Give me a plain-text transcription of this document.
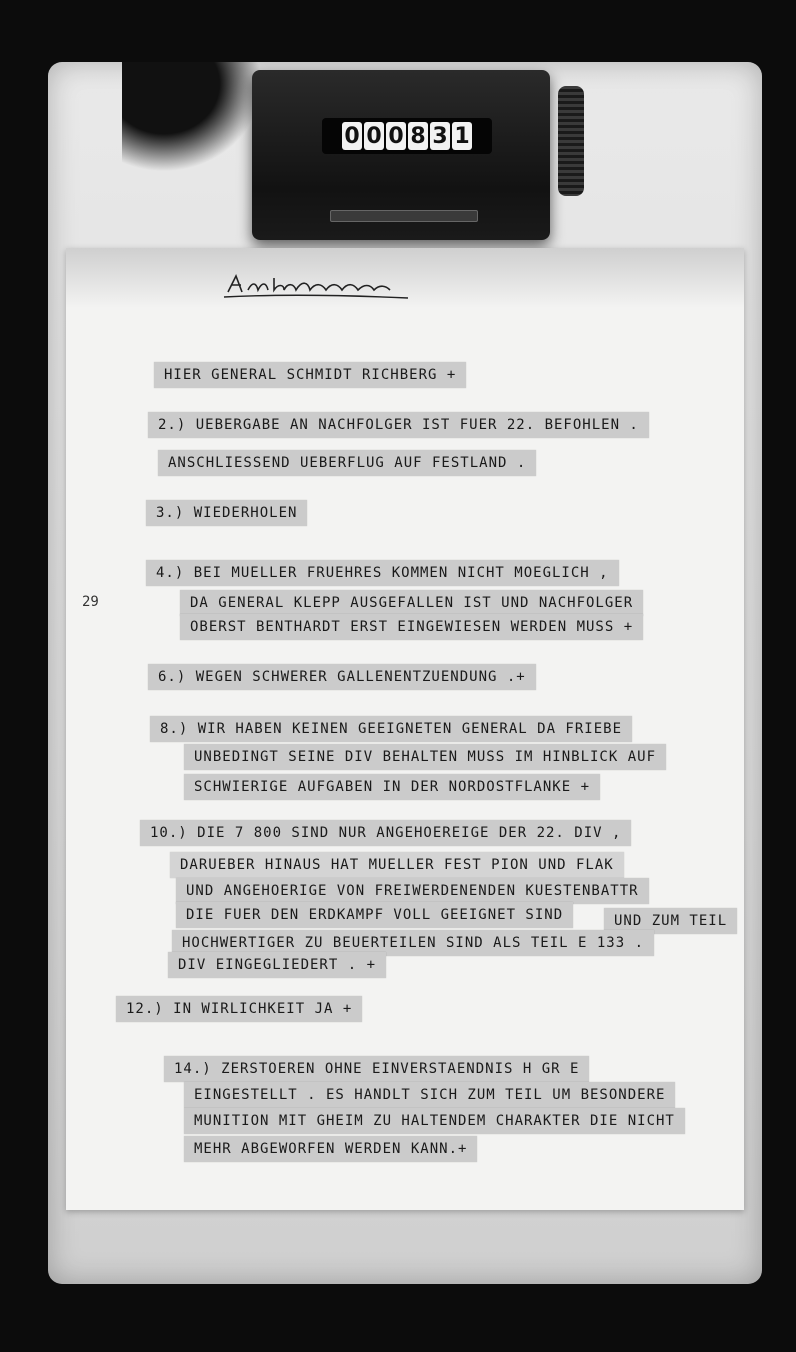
0 0 0 8 3 1
HIER GENERAL SCHMIDT RICHBERG +
2.) UEBERGABE AN NACHFOLGER IST FUER 22. BEFOHLEN .
ANSCHLIESSEND UEBERFLUG AUF FESTLAND .
3.) WIEDERHOLEN
4.) BEI MUELLER FRUEHRES KOMMEN NICHT MOEGLICH ,
DA GENERAL KLEPP AUSGEFALLEN IST UND NACHFOLGER
OBERST BENTHARDT ERST EINGEWIESEN WERDEN MUSS +
29
6.) WEGEN SCHWERER GALLENENTZUENDUNG .+
8.) WIR HABEN KEINEN GEEIGNETEN GENERAL DA FRIEBE
UNBEDINGT SEINE DIV BEHALTEN MUSS IM HINBLICK AUF
SCHWIERIGE AUFGABEN IN DER NORDOSTFLANKE +
10.) DIE 7 800 SIND NUR ANGEHOEREIGE DER 22. DIV ,
DARUEBER HINAUS HAT MUELLER FEST PION UND FLAK
UND ANGEHOERIGE VON FREIWERDENENDEN KUESTENBATTR
DIE FUER DEN ERDKAMPF VOLL GEEIGNET SIND	UND ZUM TEIL
HOCHWERTIGER ZU BEUERTEILEN SIND ALS TEIL E 133 .
DIV EINGEGLIEDERT . +
12.) IN WIRLICHKEIT JA +
14.) ZERSTOEREN OHNE EINVERSTAENDNIS H GR E
EINGESTELLT . ES HANDLT SICH ZUM TEIL UM BESONDERE
MUNITION MIT GHEIM ZU HALTENDEM CHARAKTER DIE NICHT
MEHR ABGEWORFEN WERDEN KANN.+
